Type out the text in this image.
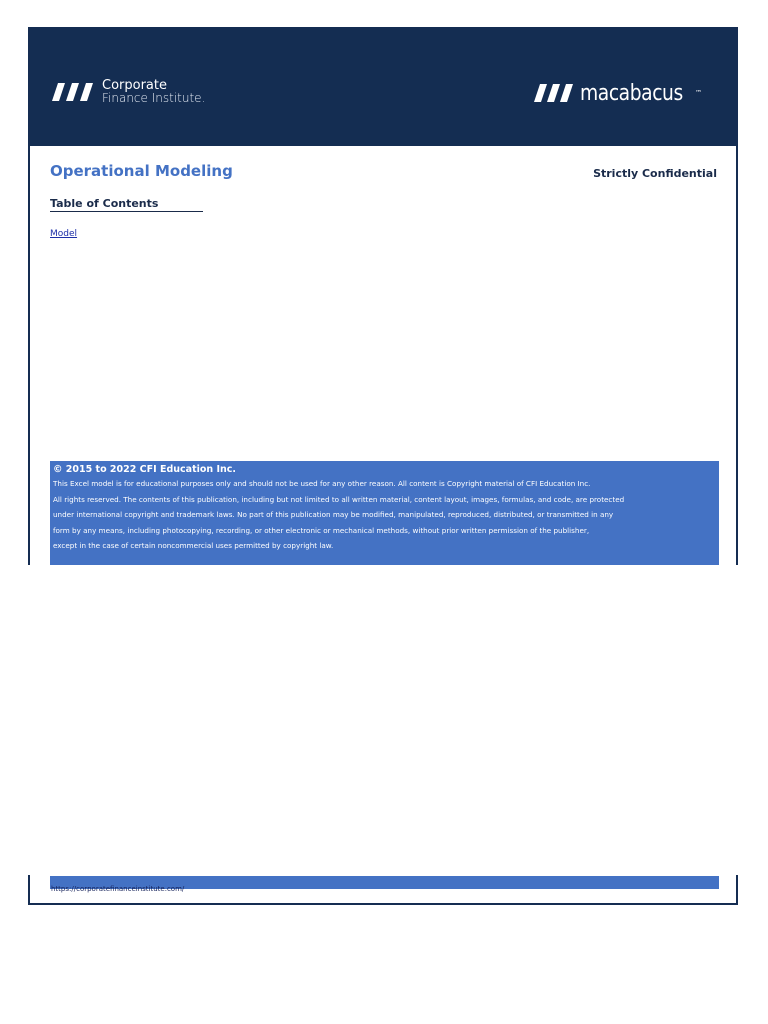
Corporate
Finance Institute.	macabacus ™
Operational Modeling	Strictly Confidential
Table of Contents
Model
© 2015 to 2022 CFI Education Inc.
This Excel model is for educational purposes only and should not be used for any other reason. All content is Copyright material of CFI Education Inc.
All rights reserved. The contents of this publication, including but not limited to all written material, content layout, images, formulas, and code, are protected
under international copyright and trademark laws. No part of this publication may be modified, manipulated, reproduced, distributed, or transmitted in any
form by any means, including photocopying, recording, or other electronic or mechanical methods, without prior written permission of the publisher,
except in the case of certain noncommercial uses permitted by copyright law.
https://corporatefinanceinstitute.com/
